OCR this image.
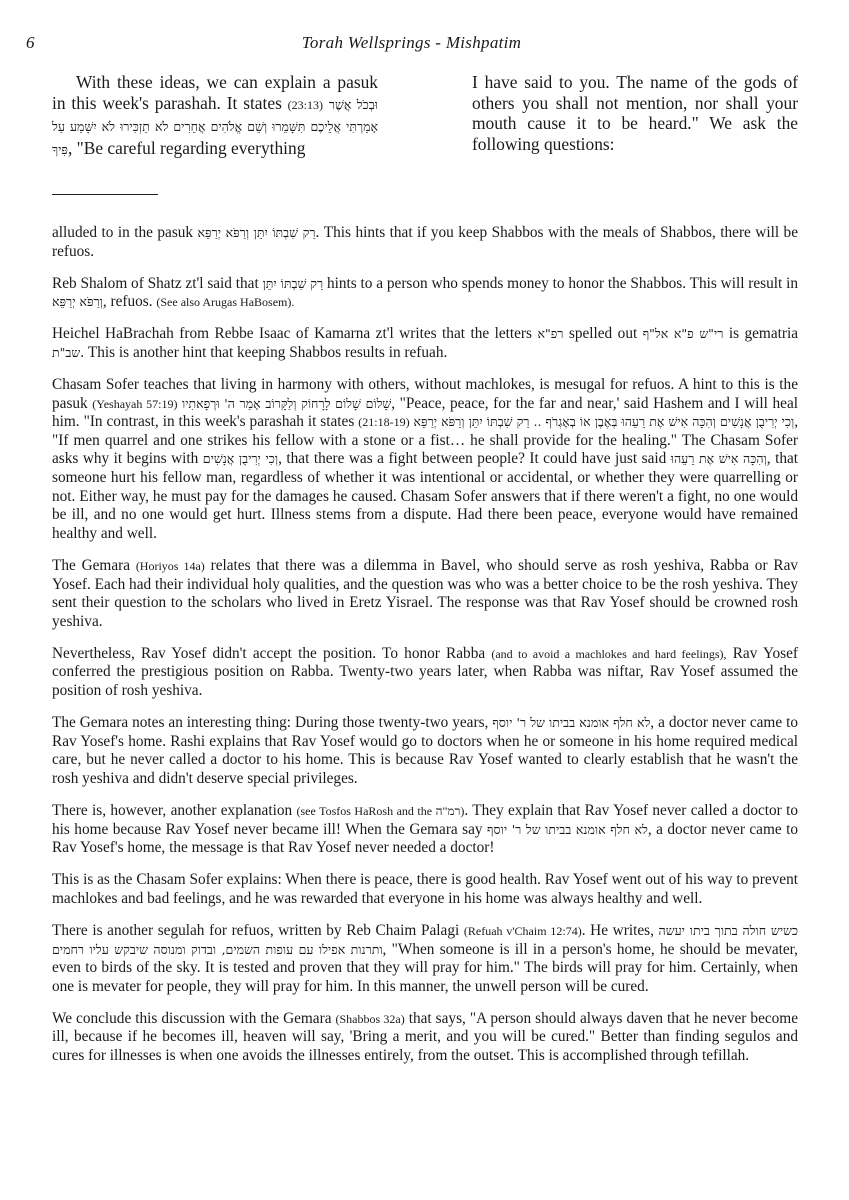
6	Torah Wellsprings - Mishpatim
With these ideas, we can explain a pasuk in this week's parashah. It states (23:13) וּבְכֹל אֲשֶׁר אָמַרְתִּי אֲלֵיכֶם תִּשָּׁמֵרוּ וְשֵׁם אֱלֹהִים אֲחֵרִים לֹא תַזְכִּירוּ לֹא יִשָּׁמַע עַל פִּיךָ, "Be careful regarding everything
I have said to you. The name of the gods of others you shall not mention, nor shall your mouth cause it to be heard." We ask the following questions:

alluded to in the pasuk רַק שִׁבְתּוֹ יִתֵּן וְרַפֹּא יְרַפֵּא. This hints that if you keep Shabbos with the meals of Shabbos, there will be refuos.

Reb Shalom of Shatz zt'l said that רַק שִׁבְתּוֹ יִתֵּן hints to a person who spends money to honor the Shabbos. This will result in וְרַפֹּא יְרַפֵּא, refuos. (See also Arugas HaBosem).

Heichel HaBrachah from Rebbe Isaac of Kamarna zt'l writes that the letters רפ"א spelled out רי"ש פ"א אל"ף is gematria שב"ת. This is another hint that keeping Shabbos results in refuah.

Chasam Sofer teaches that living in harmony with others, without machlokes, is mesugal for refuos. A hint to this is the pasuk (Yeshayah 57:19) שָׁלוֹם שָׁלוֹם לָרָחוֹק וְלַקָּרוֹב אָמַר ה' וּרְפָאתִיו, "Peace, peace, for the far and near,' said Hashem and I will heal him. "In contrast, in this week's parashah it states (21:18-19) וְכִי יְרִיבֻן אֲנָשִׁים וְהִכָּה אִישׁ אֶת רֵעֵהוּ בְּאֶבֶן אוֹ בְאֶגְרֹף .. רַק שִׁבְתּוֹ יִתֵּן וְרַפֹּא יְרַפֵּא, "If men quarrel and one strikes his fellow with a stone or a fist… he shall provide for the healing." The Chasam Sofer asks why it begins with וְכִי יְרִיבֻן אֲנָשִׁים, that there was a fight between people? It could have just said וְהִכָּה אִישׁ אֶת רֵעֵהוּ, that someone hurt his fellow man, regardless of whether it was intentional or accidental, or whether they were quarrelling or not. Either way, he must pay for the damages he caused. Chasam Sofer answers that if there weren't a fight, no one would be ill, and no one would get hurt. Illness stems from a dispute. Had there been peace, everyone would have remained healthy and well.

The Gemara (Horiyos 14a) relates that there was a dilemma in Bavel, who should serve as rosh yeshiva, Rabba or Rav Yosef. Each had their individual holy qualities, and the question was who was a better choice to be the rosh yeshiva. They sent their question to the scholars who lived in Eretz Yisrael. The response was that Rav Yosef should be crowned rosh yeshiva.

Nevertheless, Rav Yosef didn't accept the position. To honor Rabba (and to avoid a machlokes and hard feelings), Rav Yosef conferred the prestigious position on Rabba. Twenty-two years later, when Rabba was niftar, Rav Yosef assumed the position of rosh yeshiva.

The Gemara notes an interesting thing: During those twenty-two years, לא חלף אומנא בביתו של ר' יוסף, a doctor never came to Rav Yosef's home. Rashi explains that Rav Yosef would go to doctors when he or someone in his home required medical care, but he never called a doctor to his home. This is because Rav Yosef wanted to clearly establish that he wasn't the rosh yeshiva and didn't deserve special privileges.

There is, however, another explanation (see Tosfos HaRosh and the רמ"ה). They explain that Rav Yosef never called a doctor to his home because Rav Yosef never became ill! When the Gemara say לא חלף אומנא בביתו של ר' יוסף, a doctor never came to Rav Yosef's home, the message is that Rav Yosef never needed a doctor!

This is as the Chasam Sofer explains: When there is peace, there is good health. Rav Yosef went out of his way to prevent machlokes and bad feelings, and he was rewarded that everyone in his home was always healthy and well.

There is another segulah for refuos, written by Reb Chaim Palagi (Refuah v'Chaim 12:74). He writes, כשיש חולה בתוך ביתו יעשה ותרנות אפילו עם עופות השמים, ובדוק ומנוסה שיבקש עליו רחמים, "When someone is ill in a person's home, he should be mevater, even to birds of the sky. It is tested and proven that they will pray for him." The birds will pray for him. Certainly, when one is mevater for people, they will pray for him. In this manner, the unwell person will be cured.

We conclude this discussion with the Gemara (Shabbos 32a) that says, "A person should always daven that he never become ill, because if he becomes ill, heaven will say, 'Bring a merit, and you will be cured." Better than finding segulos and cures for illnesses is when one avoids the illnesses entirely, from the outset. This is accomplished through tefillah.
